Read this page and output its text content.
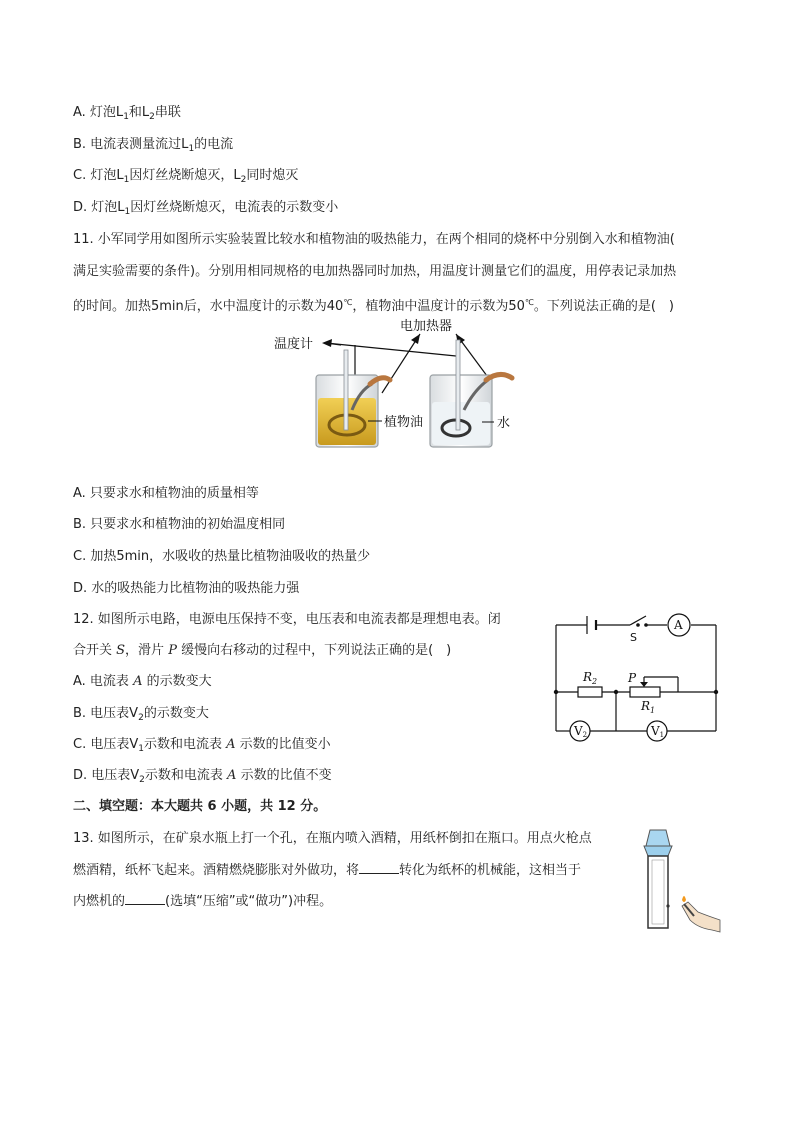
A. 灯泡$L_1$和$L_2$串联
B. 电流表测量流过$L_1$的电流
C. 灯泡$L_1$因灯丝烧断熄灭，$L_2$同时熄灭
D. 灯泡$L_1$因灯丝烧断熄灭，电流表的示数变小
11. 小军同学用如图所示实验装置比较水和植物油的吸热能力，在两个相同的烧杯中分别倒入水和植物油(
满足实验需要的条件)。分别用相同规格的电加热器同时加热，用温度计测量它们的温度，用停表记录加热
的时间。加热5min后，水中温度计的示数为40℃，植物油中温度计的示数为50℃。下列说法正确的是(　)
电加热器
温度计
植物油	水
A. 只要求水和植物油的质量相等
B. 只要求水和植物油的初始温度相同
C. 加热5min，水吸收的热量比植物油吸收的热量少
D. 水的吸热能力比植物油的吸热能力强
12. 如图所示电路，电源电压保持不变，电压表和电流表都是理想电表。闭
合开关 S，滑片 P 缓慢向右移动的过程中，下列说法正确的是(　)
A. 电流表 A 的示数变大
B. 电压表$V_2$的示数变大
C. 电压表$V_1$示数和电流表 A 示数的比值变小
D. 电压表$V_2$示数和电流表 A 示数的比值不变
A
S
$R_2$	P
$R_1$
V2	V1
二、填空题：本大题共 6 小题，共 12 分。
13. 如图所示，在矿泉水瓶上打一个孔，在瓶内喷入酒精，用纸杯倒扣在瓶口。用点火枪点
燃酒精，纸杯飞起来。酒精燃烧膨胀对外做功，将	转化为纸杯的机械能，这相当于
内燃机的	(选填“压缩”或“做功”)冲程。
